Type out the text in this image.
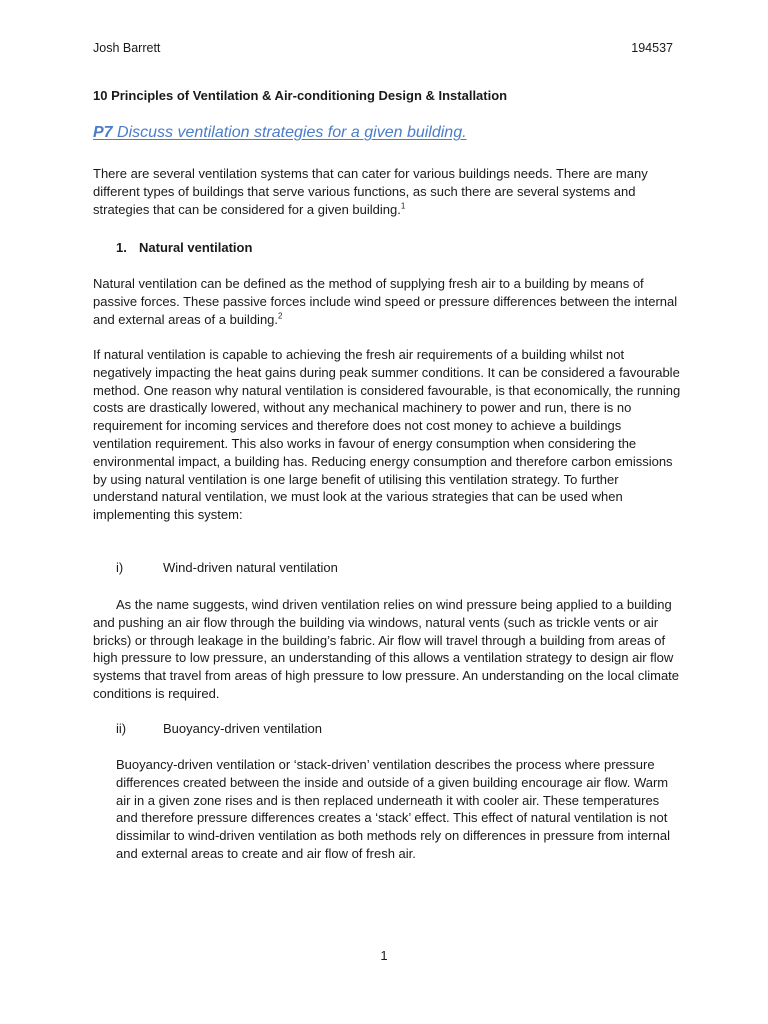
Josh Barrett	194537
10 Principles of Ventilation & Air-conditioning Design & Installation
P7 Discuss ventilation strategies for a given building.
There are several ventilation systems that can cater for various buildings needs. There are many different types of buildings that serve various functions, as such there are several systems and strategies that can be considered for a given building.$^1$
1. Natural ventilation
Natural ventilation can be defined as the method of supplying fresh air to a building by means of passive forces. These passive forces include wind speed or pressure differences between the internal and external areas of a building.$^2$
If natural ventilation is capable to achieving the fresh air requirements of a building whilst not negatively impacting the heat gains during peak summer conditions. It can be considered a favourable method. One reason why natural ventilation is considered favourable, is that economically, the running costs are drastically lowered, without any mechanical machinery to power and run, there is no requirement for incoming services and therefore does not cost money to achieve a buildings ventilation requirement. This also works in favour of energy consumption when considering the environmental impact, a building has. Reducing energy consumption and therefore carbon emissions by using natural ventilation is one large benefit of utilising this ventilation strategy. To further understand natural ventilation, we must look at the various strategies that can be used when implementing this system:
i)	Wind-driven natural ventilation
As the name suggests, wind driven ventilation relies on wind pressure being applied to a building and pushing an air flow through the building via windows, natural vents (such as trickle vents or air bricks) or through leakage in the building’s fabric. Air flow will travel through a building from areas of high pressure to low pressure, an understanding of this allows a ventilation strategy to design air flow systems that travel from areas of high pressure to low pressure. An understanding on the local climate conditions is required.
ii)	Buoyancy-driven ventilation
Buoyancy-driven ventilation or ‘stack-driven’ ventilation describes the process where pressure differences created between the inside and outside of a given building encourage air flow. Warm air in a given zone rises and is then replaced underneath it with cooler air. These temperatures and therefore pressure differences creates a ‘stack’ effect. This effect of natural ventilation is not dissimilar to wind-driven ventilation as both methods rely on differences in pressure from internal and external areas to create and air flow of fresh air.
1
